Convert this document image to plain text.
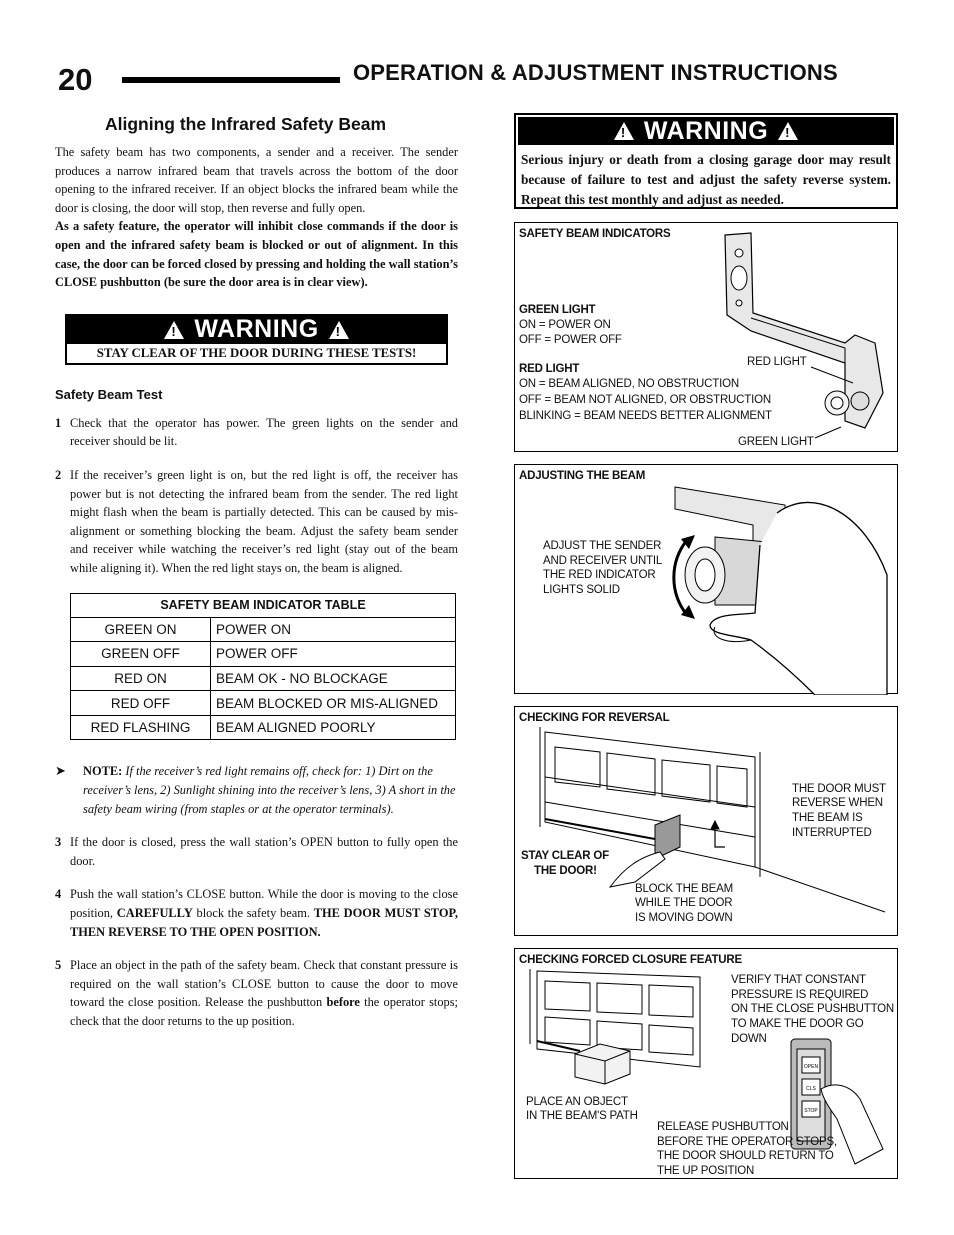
20	OPERATION & ADJUSTMENT INSTRUCTIONS
Aligning the Infrared Safety Beam

The safety beam has two components, a sender and a receiver. The sender produces a narrow infrared beam that travels across the bottom of the door opening to the infrared receiver. If an object blocks the infrared beam while the door is closing, the door will stop, then reverse and fully open.

As a safety feature, the operator will inhibit close commands if the door is open and the infrared safety beam is blocked or out of alignment. In this case, the door can be forced closed by pressing and holding the wall station’s CLOSE pushbutton (be sure the door area is in clear view).

!
WARNING
!
STAY CLEAR OF THE DOOR DURING THESE TESTS!
Safety Beam Test
1 Check that the operator has power. The green lights on the sender and receiver should be lit.
2 If the receiver’s green light is on, but the red light is off, the receiver has power but is not detecting the infrared beam from the sender. The red light might flash when the beam is partially detected. This can be caused by mis-alignment or something blocking the beam. Adjust the safety beam sender and receiver while watching the receiver’s red light (stay out of the beam while aligning it). When the red light stays on, the beam is aligned.
SAFETY BEAM INDICATOR TABLE	
GREEN ON	POWER ON
GREEN OFF	POWER OFF
RED ON	BEAM OK - NO BLOCKAGE
RED OFF	BEAM BLOCKED OR MIS-ALIGNED
RED FLASHING	BEAM ALIGNED POORLY
➤	NOTE: If the receiver’s red light remains off, check for: 1) Dirt on the receiver’s lens, 2) Sunlight shining into the receiver’s lens, 3) A short in the safety beam wiring (from staples or at the operator terminals).
3 If the door is closed, press the wall station’s OPEN button to fully open the door.
4 Push the wall station’s CLOSE button. While the door is moving to the close position, CAREFULLY block the safety beam. THE DOOR MUST STOP, THEN REVERSE TO THE OPEN POSITION.
5 Place an object in the path of the safety beam. Check that constant pressure is required on the wall station’s CLOSE button to cause the door to move toward the close position. Release the pushbutton before the operator stops; check that the door returns to the up position.
!
WARNING
!
Serious injury or death from a closing garage door may result because of failure to test and adjust the safety reverse system. Repeat this test monthly and adjust as needed.
SAFETY BEAM INDICATORS
GREEN LIGHT
ON = POWER ON
OFF = POWER OFF
RED LIGHT
ON = BEAM ALIGNED, NO OBSTRUCTION
OFF = BEAM NOT ALIGNED, OR OBSTRUCTION
BLINKING = BEAM NEEDS BETTER ALIGNMENT
RED LIGHT
GREEN LIGHT
ADJUSTING THE BEAM
ADJUST THE SENDER
AND RECEIVER UNTIL
THE RED INDICATOR
LIGHTS SOLID
CHECKING FOR REVERSAL
STAY CLEAR OF
THE DOOR!
THE DOOR MUST
REVERSE WHEN
THE BEAM IS
INTERRUPTED
BLOCK THE BEAM
WHILE THE DOOR
IS MOVING DOWN
OPEN
CLS
STOP
CHECKING FORCED CLOSURE FEATURE
VERIFY THAT CONSTANT
PRESSURE IS REQUIRED
ON THE CLOSE PUSHBUTTON
TO MAKE THE DOOR GO DOWN
PLACE AN OBJECT
IN THE BEAM'S PATH
RELEASE PUSHBUTTON
BEFORE THE OPERATOR STOPS,
THE DOOR SHOULD RETURN TO
THE UP POSITION
